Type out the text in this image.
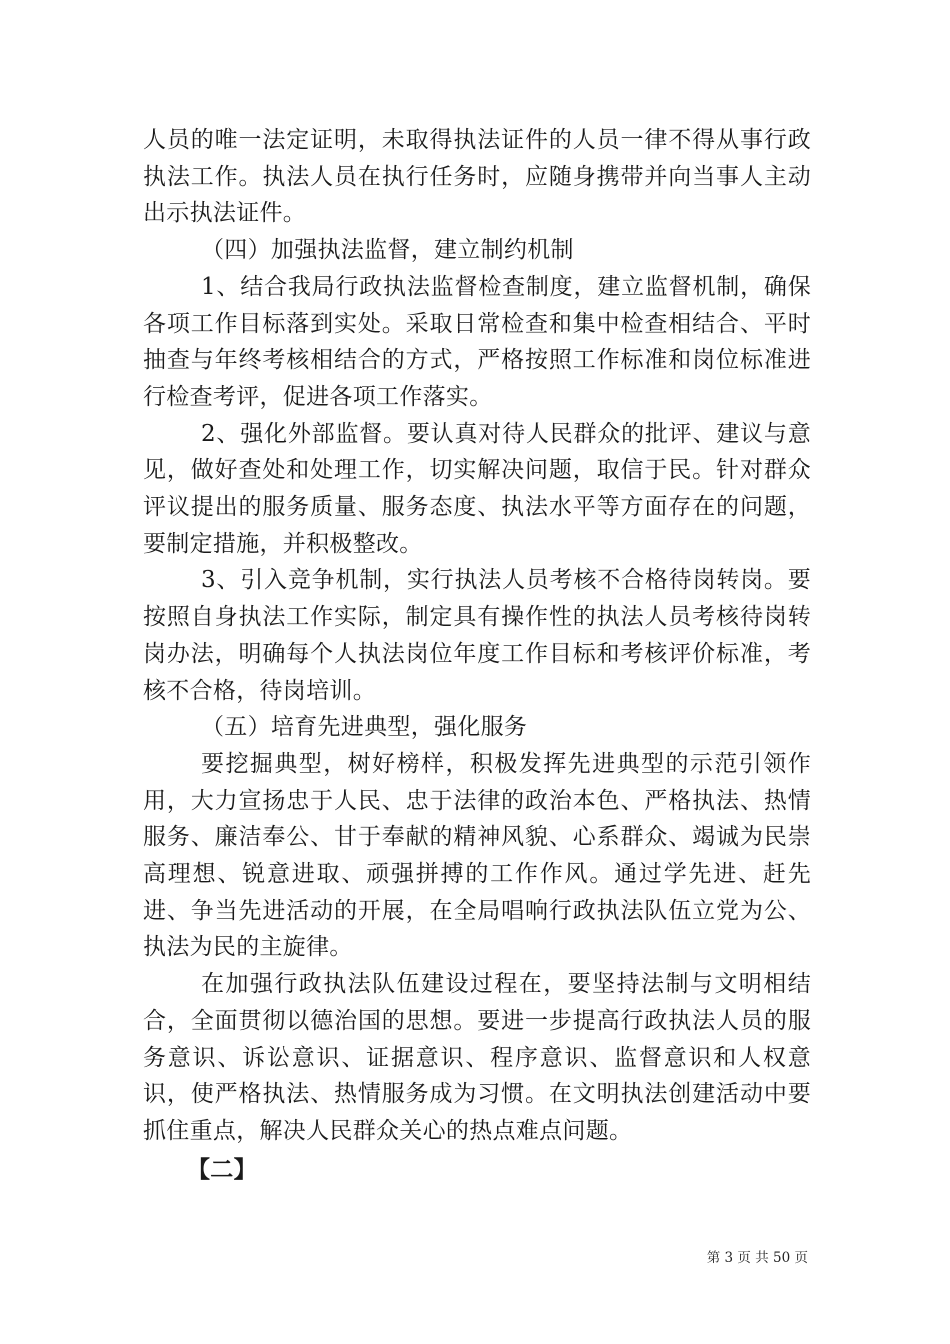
人员的唯一法定证明，未取得执法证件的人员一律不得从事行政执法工作。执法人员在执行任务时，应随身携带并向当事人主动出示执法证件。

（四）加强执法监督，建立制约机制

1、结合我局行政执法监督检查制度，建立监督机制，确保各项工作目标落到实处。采取日常检查和集中检查相结合、平时抽查与年终考核相结合的方式，严格按照工作标准和岗位标准进行检查考评，促进各项工作落实。

2、强化外部监督。要认真对待人民群众的批评、建议与意见，做好查处和处理工作，切实解决问题，取信于民。针对群众评议提出的服务质量、服务态度、执法水平等方面存在的问题，要制定措施，并积极整改。

3、引入竞争机制，实行执法人员考核不合格待岗转岗。要按照自身执法工作实际，制定具有操作性的执法人员考核待岗转岗办法，明确每个人执法岗位年度工作目标和考核评价标准，考核不合格，待岗培训。

（五）培育先进典型，强化服务

要挖掘典型，树好榜样，积极发挥先进典型的示范引领作用，大力宣扬忠于人民、忠于法律的政治本色、严格执法、热情服务、廉洁奉公、甘于奉献的精神风貌、心系群众、竭诚为民崇高理想、锐意进取、顽强拼搏的工作作风。通过学先进、赶先进、争当先进活动的开展，在全局唱响行政执法队伍立党为公、执法为民的主旋律。

在加强行政执法队伍建设过程在，要坚持法制与文明相结合，全面贯彻以德治国的思想。要进一步提高行政执法人员的服务意识、诉讼意识、证据意识、程序意识、监督意识和人权意识，使严格执法、热情服务成为习惯。在文明执法创建活动中要抓住重点，解决人民群众关心的热点难点问题。

【二】

第 3 页 共 50 页
